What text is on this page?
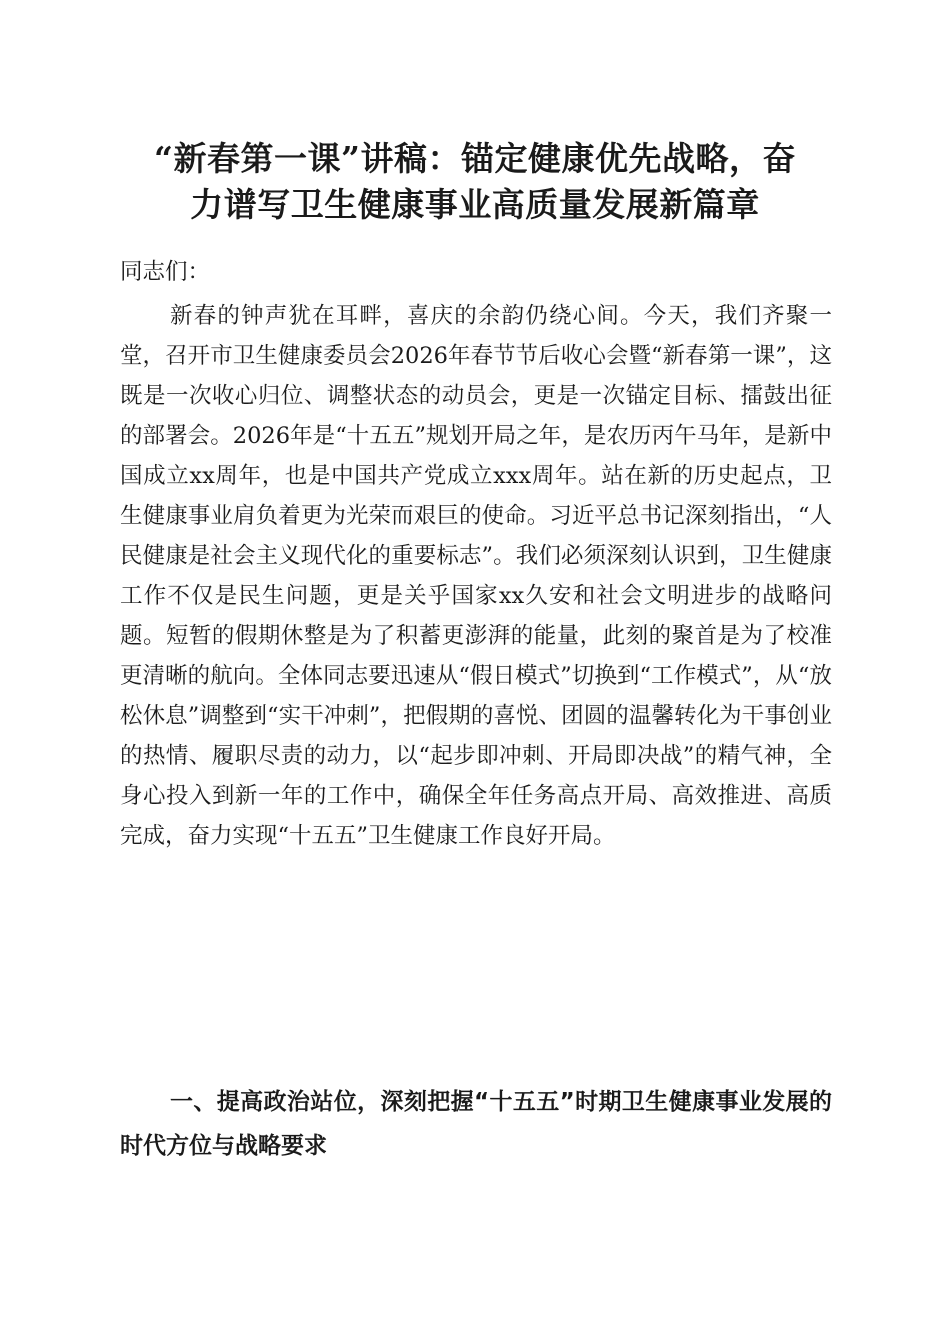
“新春第一课”讲稿：锚定健康优先战略，奋
力谱写卫生健康事业高质量发展新篇章

同志们：

新春的钟声犹在耳畔，喜庆的余韵仍绕心间。今天，我们齐聚一堂，召开市卫生健康委员会2026年春节节后收心会暨“新春第一课”，这既是一次收心归位、调整状态的动员会，更是一次锚定目标、擂鼓出征的部署会。2026年是“十五五”规划开局之年，是农历丙午马年，是新中国成立xx周年，也是中国共产党成立xxx周年。站在新的历史起点，卫生健康事业肩负着更为光荣而艰巨的使命。习近平总书记深刻指出，“人民健康是社会主义现代化的重要标志”。我们必须深刻认识到，卫生健康工作不仅是民生问题，更是关乎国家xx久安和社会文明进步的战略问题。短暂的假期休整是为了积蓄更澎湃的能量，此刻的聚首是为了校准更清晰的航向。全体同志要迅速从“假日模式”切换到“工作模式”，从“放松休息”调整到“实干冲刺”，把假期的喜悦、团圆的温馨转化为干事创业的热情、履职尽责的动力，以“起步即冲刺、开局即决战”的精气神，全身心投入到新一年的工作中，确保全年任务高点开局、高效推进、高质完成，奋力实现“十五五”卫生健康工作良好开局。

一、提高政治站位，深刻把握“十五五”时期卫生健康事业发展的时代方位与战略要求
